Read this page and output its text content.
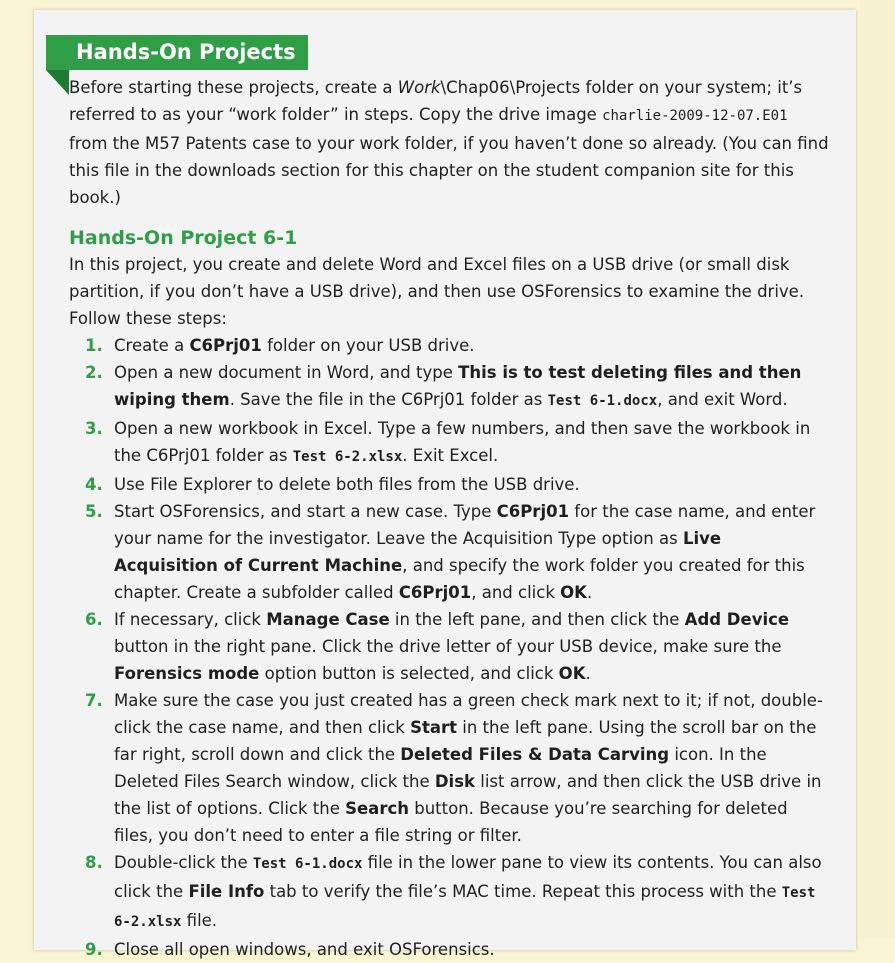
Hands-On Projects

Before starting these projects, create a Work\Chap06\Projects folder on your system; it’s referred to as your “work folder” in steps. Copy the drive image charlie-2009-12-07.E01 from the M57 Patents case to your work folder, if you haven’t done so already. (You can find this file in the downloads section for this chapter on the student companion site for this book.)

Hands-On Project 6-1

In this project, you create and delete Word and Excel files on a USB drive (or small disk partition, if you don’t have a USB drive), and then use OSForensics to examine the drive. Follow these steps:

1. Create a C6Prj01 folder on your USB drive.
2. Open a new document in Word, and type This is to test deleting files and then wiping them. Save the file in the C6Prj01 folder as Test 6-1.docx, and exit Word.
3. Open a new workbook in Excel. Type a few numbers, and then save the workbook in the C6Prj01 folder as Test 6-2.xlsx. Exit Excel.
4. Use File Explorer to delete both files from the USB drive.
5. Start OSForensics, and start a new case. Type C6Prj01 for the case name, and enter your name for the investigator. Leave the Acquisition Type option as Live Acquisition of Current Machine, and specify the work folder you created for this chapter. Create a subfolder called C6Prj01, and click OK.
6. If necessary, click Manage Case in the left pane, and then click the Add Device button in the right pane. Click the drive letter of your USB device, make sure the Forensics mode option button is selected, and click OK.
7. Make sure the case you just created has a green check mark next to it; if not, double-click the case name, and then click Start in the left pane. Using the scroll bar on the far right, scroll down and click the Deleted Files & Data Carving icon. In the Deleted Files Search window, click the Disk list arrow, and then click the USB drive in the list of options. Click the Search button. Because you’re searching for deleted files, you don’t need to enter a file string or filter.
8. Double-click the Test 6-1.docx file in the lower pane to view its contents. You can also click the File Info tab to verify the file’s MAC time. Repeat this process with the Test 6-2.xlsx file.
9. Close all open windows, and exit OSForensics.
